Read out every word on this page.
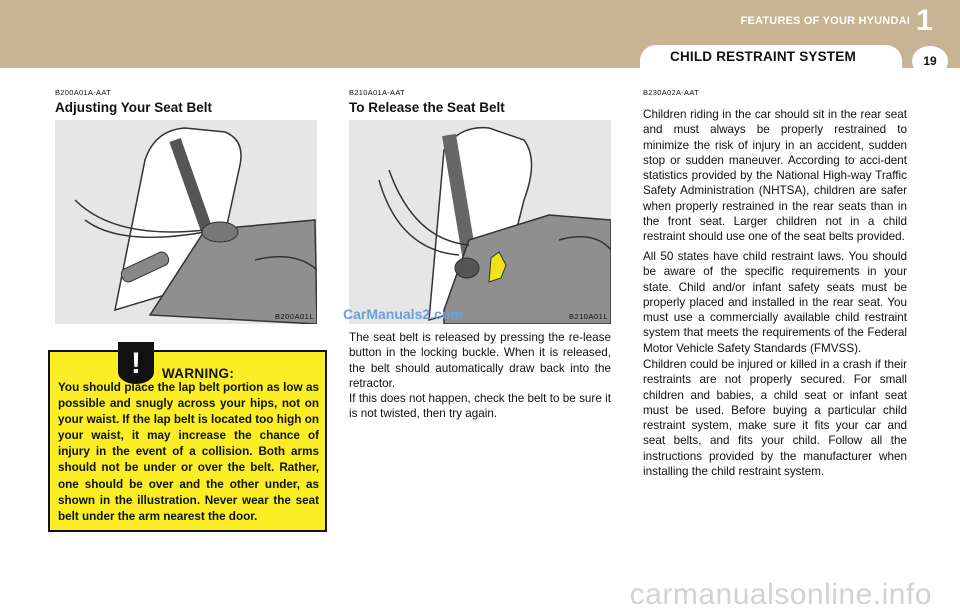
FEATURES OF YOUR HYUNDAI 1
CHILD RESTRAINT SYSTEM	19
B200A01A-AAT
Adjusting Your Seat Belt
B200A01L
!	WARNING:

You should place the lap belt portion as low as possible and snugly across your hips, not on your waist. If the lap belt is located too high on your waist, it may increase the chance of injury in the event of a collision. Both arms should not be under or over the belt. Rather, one should be over and the other under, as shown in the illustration. Never wear the seat belt under the arm nearest the door.

B210A01A-AAT
To Release the Seat Belt
B210A01L
CarManuals2.com

The seat belt is released by pressing the re-lease button in the locking buckle. When it is released, the belt should automatically draw back into the retractor.

If this does not happen, check the belt to be sure it is not twisted, then try again.

B230A02A-AAT

Children riding in the car should sit in the rear seat and must always be properly restrained to minimize the risk of injury in an accident, sudden stop or sudden maneuver. According to acci-dent statistics provided by the National High-way Traffic Safety Administration (NHTSA), children are safer when properly restrained in the rear seats than in the front seat. Larger children not in a child restraint should use one of the seat belts provided.

All 50 states have child restraint laws. You should be aware of the specific requirements in your state. Child and/or infant safety seats must be properly placed and installed in the rear seat. You must use a commercially available child restraint system that meets the requirements of the Federal Motor Vehicle Safety Standards (FMVSS).

Children could be injured or killed in a crash if their restraints are not properly secured. For small children and babies, a child seat or infant seat must be used. Before buying a particular child restraint system, make sure it fits your car and seat belts, and fits your child. Follow all the instructions provided by the manufacturer when installing the child restraint system.

carmanualsonline.info
